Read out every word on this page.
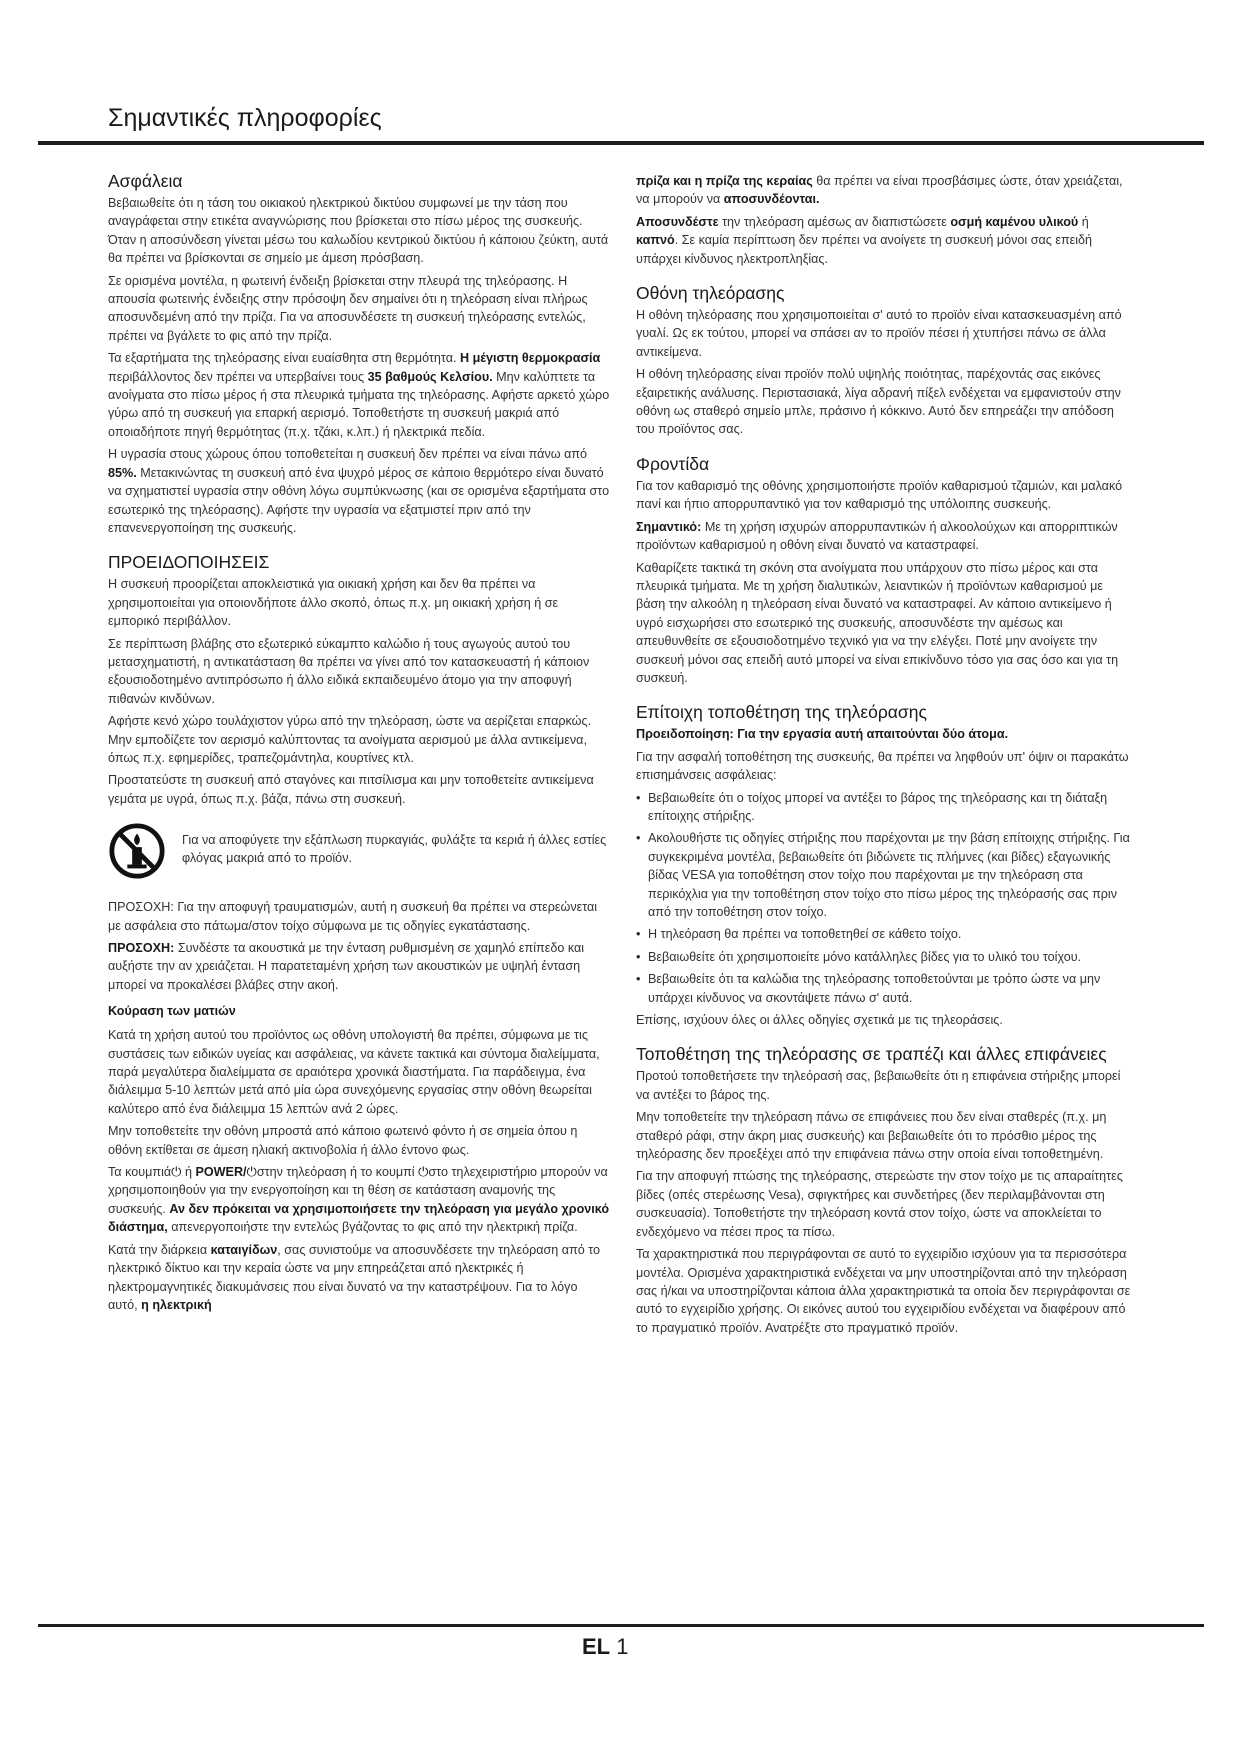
Σημαντικές πληροφορίες
Ασφάλεια

Βεβαιωθείτε ότι η τάση του οικιακού ηλεκτρικού δικτύου συμφωνεί με την τάση που αναγράφεται στην ετικέτα αναγνώρισης που βρίσκεται στο πίσω μέρος της συσκευής. Όταν η αποσύνδεση γίνεται μέσω του καλωδίου κεντρικού δικτύου ή κάποιου ζεύκτη, αυτά θα πρέπει να βρίσκονται σε σημείο με άμεση πρόσβαση.

Σε ορισμένα μοντέλα, η φωτεινή ένδειξη βρίσκεται στην πλευρά της τηλεόρασης. Η απουσία φωτεινής ένδειξης στην πρόσοψη δεν σημαίνει ότι η τηλεόραση είναι πλήρως αποσυνδεμένη από την πρίζα. Για να αποσυνδέσετε τη συσκευή τηλεόρασης εντελώς, πρέπει να βγάλετε το φις από την πρίζα.

Τα εξαρτήματα της τηλεόρασης είναι ευαίσθητα στη θερμότητα. Η μέγιστη θερμοκρασία περιβάλλοντος δεν πρέπει να υπερβαίνει τους 35 βαθμούς Κελσίου. Μην καλύπτετε τα ανοίγματα στο πίσω μέρος ή στα πλευρικά τμήματα της τηλεόρασης. Αφήστε αρκετό χώρο γύρω από τη συσκευή για επαρκή αερισμό. Τοποθετήστε τη συσκευή μακριά από οποιαδήποτε πηγή θερμότητας (π.χ. τζάκι, κ.λπ.) ή ηλεκτρικά πεδία.

Η υγρασία στους χώρους όπου τοποθετείται η συσκευή δεν πρέπει να είναι πάνω από 85%. Μετακινώντας τη συσκευή από ένα ψυχρό μέρος σε κάποιο θερμότερο είναι δυνατό να σχηματιστεί υγρασία στην οθόνη λόγω συμπύκνωσης (και σε ορισμένα εξαρτήματα στο εσωτερικό της τηλεόρασης). Αφήστε την υγρασία να εξατμιστεί πριν από την επανενεργοποίηση της συσκευής.

ΠΡΟΕΙΔΟΠΟΙΗΣΕΙΣ

Η συσκευή προορίζεται αποκλειστικά για οικιακή χρήση και δεν θα πρέπει να χρησιμοποιείται για οποιονδήποτε άλλο σκοπό, όπως π.χ. μη οικιακή χρήση ή σε εμπορικό περιβάλλον.

Σε περίπτωση βλάβης στο εξωτερικό εύκαμπτο καλώδιο ή τους αγωγούς αυτού του μετασχηματιστή, η αντικατάσταση θα πρέπει να γίνει από τον κατασκευαστή ή κάποιον εξουσιοδοτημένο αντιπρόσωπο ή άλλο ειδικά εκπαιδευμένο άτομο για την αποφυγή πιθανών κινδύνων.

Αφήστε κενό χώρο τουλάχιστον γύρω από την τηλεόραση, ώστε να αερίζεται επαρκώς. Μην εμποδίζετε τον αερισμό καλύπτοντας τα ανοίγματα αερισμού με άλλα αντικείμενα, όπως π.χ. εφημερίδες, τραπεζομάντηλα, κουρτίνες κτλ.

Προστατεύστε τη συσκευή από σταγόνες και πιτσίλισμα και μην τοποθετείτε αντικείμενα γεμάτα με υγρά, όπως π.χ. βάζα, πάνω στη συσκευή.

Για να αποφύγετε την εξάπλωση πυρκαγιάς, φυλάξτε τα κεριά ή άλλες εστίες φλόγας μακριά από το προϊόν.

ΠΡΟΣΟΧΗ: Για την αποφυγή τραυματισμών, αυτή η συσκευή θα πρέπει να στερεώνεται με ασφάλεια στο πάτωμα/στον τοίχο σύμφωνα με τις οδηγίες εγκατάστασης.

ΠΡΟΣΟΧΗ: Συνδέστε τα ακουστικά με την ένταση ρυθμισμένη σε χαμηλό επίπεδο και αυξήστε την αν χρειάζεται. Η παρατεταμένη χρήση των ακουστικών με υψηλή ένταση μπορεί να προκαλέσει βλάβες στην ακοή.

Κούραση των ματιών

Κατά τη χρήση αυτού του προϊόντος ως οθόνη υπολογιστή θα πρέπει, σύμφωνα με τις συστάσεις των ειδικών υγείας και ασφάλειας, να κάνετε τακτικά και σύντομα διαλείμματα, παρά μεγαλύτερα διαλείμματα σε αραιότερα χρονικά διαστήματα. Για παράδειγμα, ένα διάλειμμα 5-10 λεπτών μετά από μία ώρα συνεχόμενης εργασίας στην οθόνη θεωρείται καλύτερο από ένα διάλειμμα 15 λεπτών ανά 2 ώρες.

Μην τοποθετείτε την οθόνη μπροστά από κάποιο φωτεινό φόντο ή σε σημεία όπου η οθόνη εκτίθεται σε άμεση ηλιακή ακτινοβολία ή άλλο έντονο φως.

Τα κουμπιά⏻ ή POWER/⏻στην τηλεόραση ή το κουμπί ⏻στο τηλεχειριστήριο μπορούν να χρησιμοποιηθούν για την ενεργοποίηση και τη θέση σε κατάσταση αναμονής της συσκευής. Αν δεν πρόκειται να χρησιμοποιήσετε την τηλεόραση για μεγάλο χρονικό διάστημα, απενεργοποιήστε την εντελώς βγάζοντας το φις από την ηλεκτρική πρίζα.

Κατά την διάρκεια καταιγίδων, σας συνιστούμε να αποσυνδέσετε την τηλεόραση από το ηλεκτρικό δίκτυο και την κεραία ώστε να μην επηρεάζεται από ηλεκτρικές ή ηλεκτρομαγνητικές διακυμάνσεις που είναι δυνατό να την καταστρέψουν. Για το λόγο αυτό, η ηλεκτρική

πρίζα και η πρίζα της κεραίας θα πρέπει να είναι προσβάσιμες ώστε, όταν χρειάζεται, να μπορούν να αποσυνδέονται.

Αποσυνδέστε την τηλεόραση αμέσως αν διαπιστώσετε οσμή καμένου υλικού ή καπνό. Σε καμία περίπτωση δεν πρέπει να ανοίγετε τη συσκευή μόνοι σας επειδή υπάρχει κίνδυνος ηλεκτροπληξίας.

Οθόνη τηλεόρασης

Η οθόνη τηλεόρασης που χρησιμοποιείται σ' αυτό το προϊόν είναι κατασκευασμένη από γυαλί. Ως εκ τούτου, μπορεί να σπάσει αν το προϊόν πέσει ή χτυπήσει πάνω σε άλλα αντικείμενα.

Η οθόνη τηλεόρασης είναι προϊόν πολύ υψηλής ποιότητας, παρέχοντάς σας εικόνες εξαιρετικής ανάλυσης. Περιστασιακά, λίγα αδρανή πίξελ ενδέχεται να εμφανιστούν στην οθόνη ως σταθερό σημείο μπλε, πράσινο ή κόκκινο. Αυτό δεν επηρεάζει την απόδοση του προϊόντος σας.

Φροντίδα

Για τον καθαρισμό της οθόνης χρησιμοποιήστε προϊόν καθαρισμού τζαμιών, και μαλακό πανί και ήπιο απορρυπαντικό για τον καθαρισμό της υπόλοιπης συσκευής.

Σημαντικό: Με τη χρήση ισχυρών απορρυπαντικών ή αλκοολούχων και απορριπτικών προϊόντων καθαρισμού η οθόνη είναι δυνατό να καταστραφεί.

Καθαρίζετε τακτικά τη σκόνη στα ανοίγματα που υπάρχουν στο πίσω μέρος και στα πλευρικά τμήματα. Με τη χρήση διαλυτικών, λειαντικών ή προϊόντων καθαρισμού με βάση την αλκοόλη η τηλεόραση είναι δυνατό να καταστραφεί. Αν κάποιο αντικείμενο ή υγρό εισχωρήσει στο εσωτερικό της συσκευής, αποσυνδέστε την αμέσως και απευθυνθείτε σε εξουσιοδοτημένο τεχνικό για να την ελέγξει. Ποτέ μην ανοίγετε την συσκευή μόνοι σας επειδή αυτό μπορεί να είναι επικίνδυνο τόσο για σας όσο και για τη συσκευή.

Επίτοιχη τοποθέτηση της τηλεόρασης

Προειδοποίηση: Για την εργασία αυτή απαιτούνται δύο άτομα.

Για την ασφαλή τοποθέτηση της συσκευής, θα πρέπει να ληφθούν υπ' όψιν οι παρακάτω επισημάνσεις ασφάλειας:

• Βεβαιωθείτε ότι ο τοίχος μπορεί να αντέξει το βάρος της τηλεόρασης και τη διάταξη επίτοιχης στήριξης.
• Ακολουθήστε τις οδηγίες στήριξης που παρέχονται με την βάση επίτοιχης στήριξης. Για συγκεκριμένα μοντέλα, βεβαιωθείτε ότι βιδώνετε τις πλήμνες (και βίδες) εξαγωνικής βίδας VESA για τοποθέτηση στον τοίχο που παρέχονται με την τηλεόραση στα περικόχλια για την τοποθέτηση στον τοίχο στο πίσω μέρος της τηλεόρασής σας πριν από την τοποθέτηση στον τοίχο.
• Η τηλεόραση θα πρέπει να τοποθετηθεί σε κάθετο τοίχο.
• Βεβαιωθείτε ότι χρησιμοποιείτε μόνο κατάλληλες βίδες για το υλικό του τοίχου.
• Βεβαιωθείτε ότι τα καλώδια της τηλεόρασης τοποθετούνται με τρόπο ώστε να μην υπάρχει κίνδυνος να σκοντάψετε πάνω σ' αυτά.

Επίσης, ισχύουν όλες οι άλλες οδηγίες σχετικά με τις τηλεοράσεις.

Τοποθέτηση της τηλεόρασης σε τραπέζι και άλλες επιφάνειες

Προτού τοποθετήσετε την τηλεόρασή σας, βεβαιωθείτε ότι η επιφάνεια στήριξης μπορεί να αντέξει το βάρος της.

Μην τοποθετείτε την τηλεόραση πάνω σε επιφάνειες που δεν είναι σταθερές (π.χ. μη σταθερό ράφι, στην άκρη μιας συσκευής) και βεβαιωθείτε ότι το πρόσθιο μέρος της τηλεόρασης δεν προεξέχει από την επιφάνεια πάνω στην οποία είναι τοποθετημένη.

Για την αποφυγή πτώσης της τηλεόρασης, στερεώστε την στον τοίχο με τις απαραίτητες βίδες (οπές στερέωσης Vesa), σφιγκτήρες και συνδετήρες (δεν περιλαμβάνονται στη συσκευασία). Τοποθετήστε την τηλεόραση κοντά στον τοίχο, ώστε να αποκλείεται το ενδεχόμενο να πέσει προς τα πίσω.

Τα χαρακτηριστικά που περιγράφονται σε αυτό το εγχειρίδιο ισχύουν για τα περισσότερα μοντέλα. Ορισμένα χαρακτηριστικά ενδέχεται να μην υποστηρίζονται από την τηλεόραση σας ή/και να υποστηρίζονται κάποια άλλα χαρακτηριστικά τα οποία δεν περιγράφονται σε αυτό το εγχειρίδιο χρήσης. Οι εικόνες αυτού του εγχειριδίου ενδέχεται να διαφέρουν από το πραγματικό προϊόν. Ανατρέξτε στο πραγματικό προϊόν.

EL 1
